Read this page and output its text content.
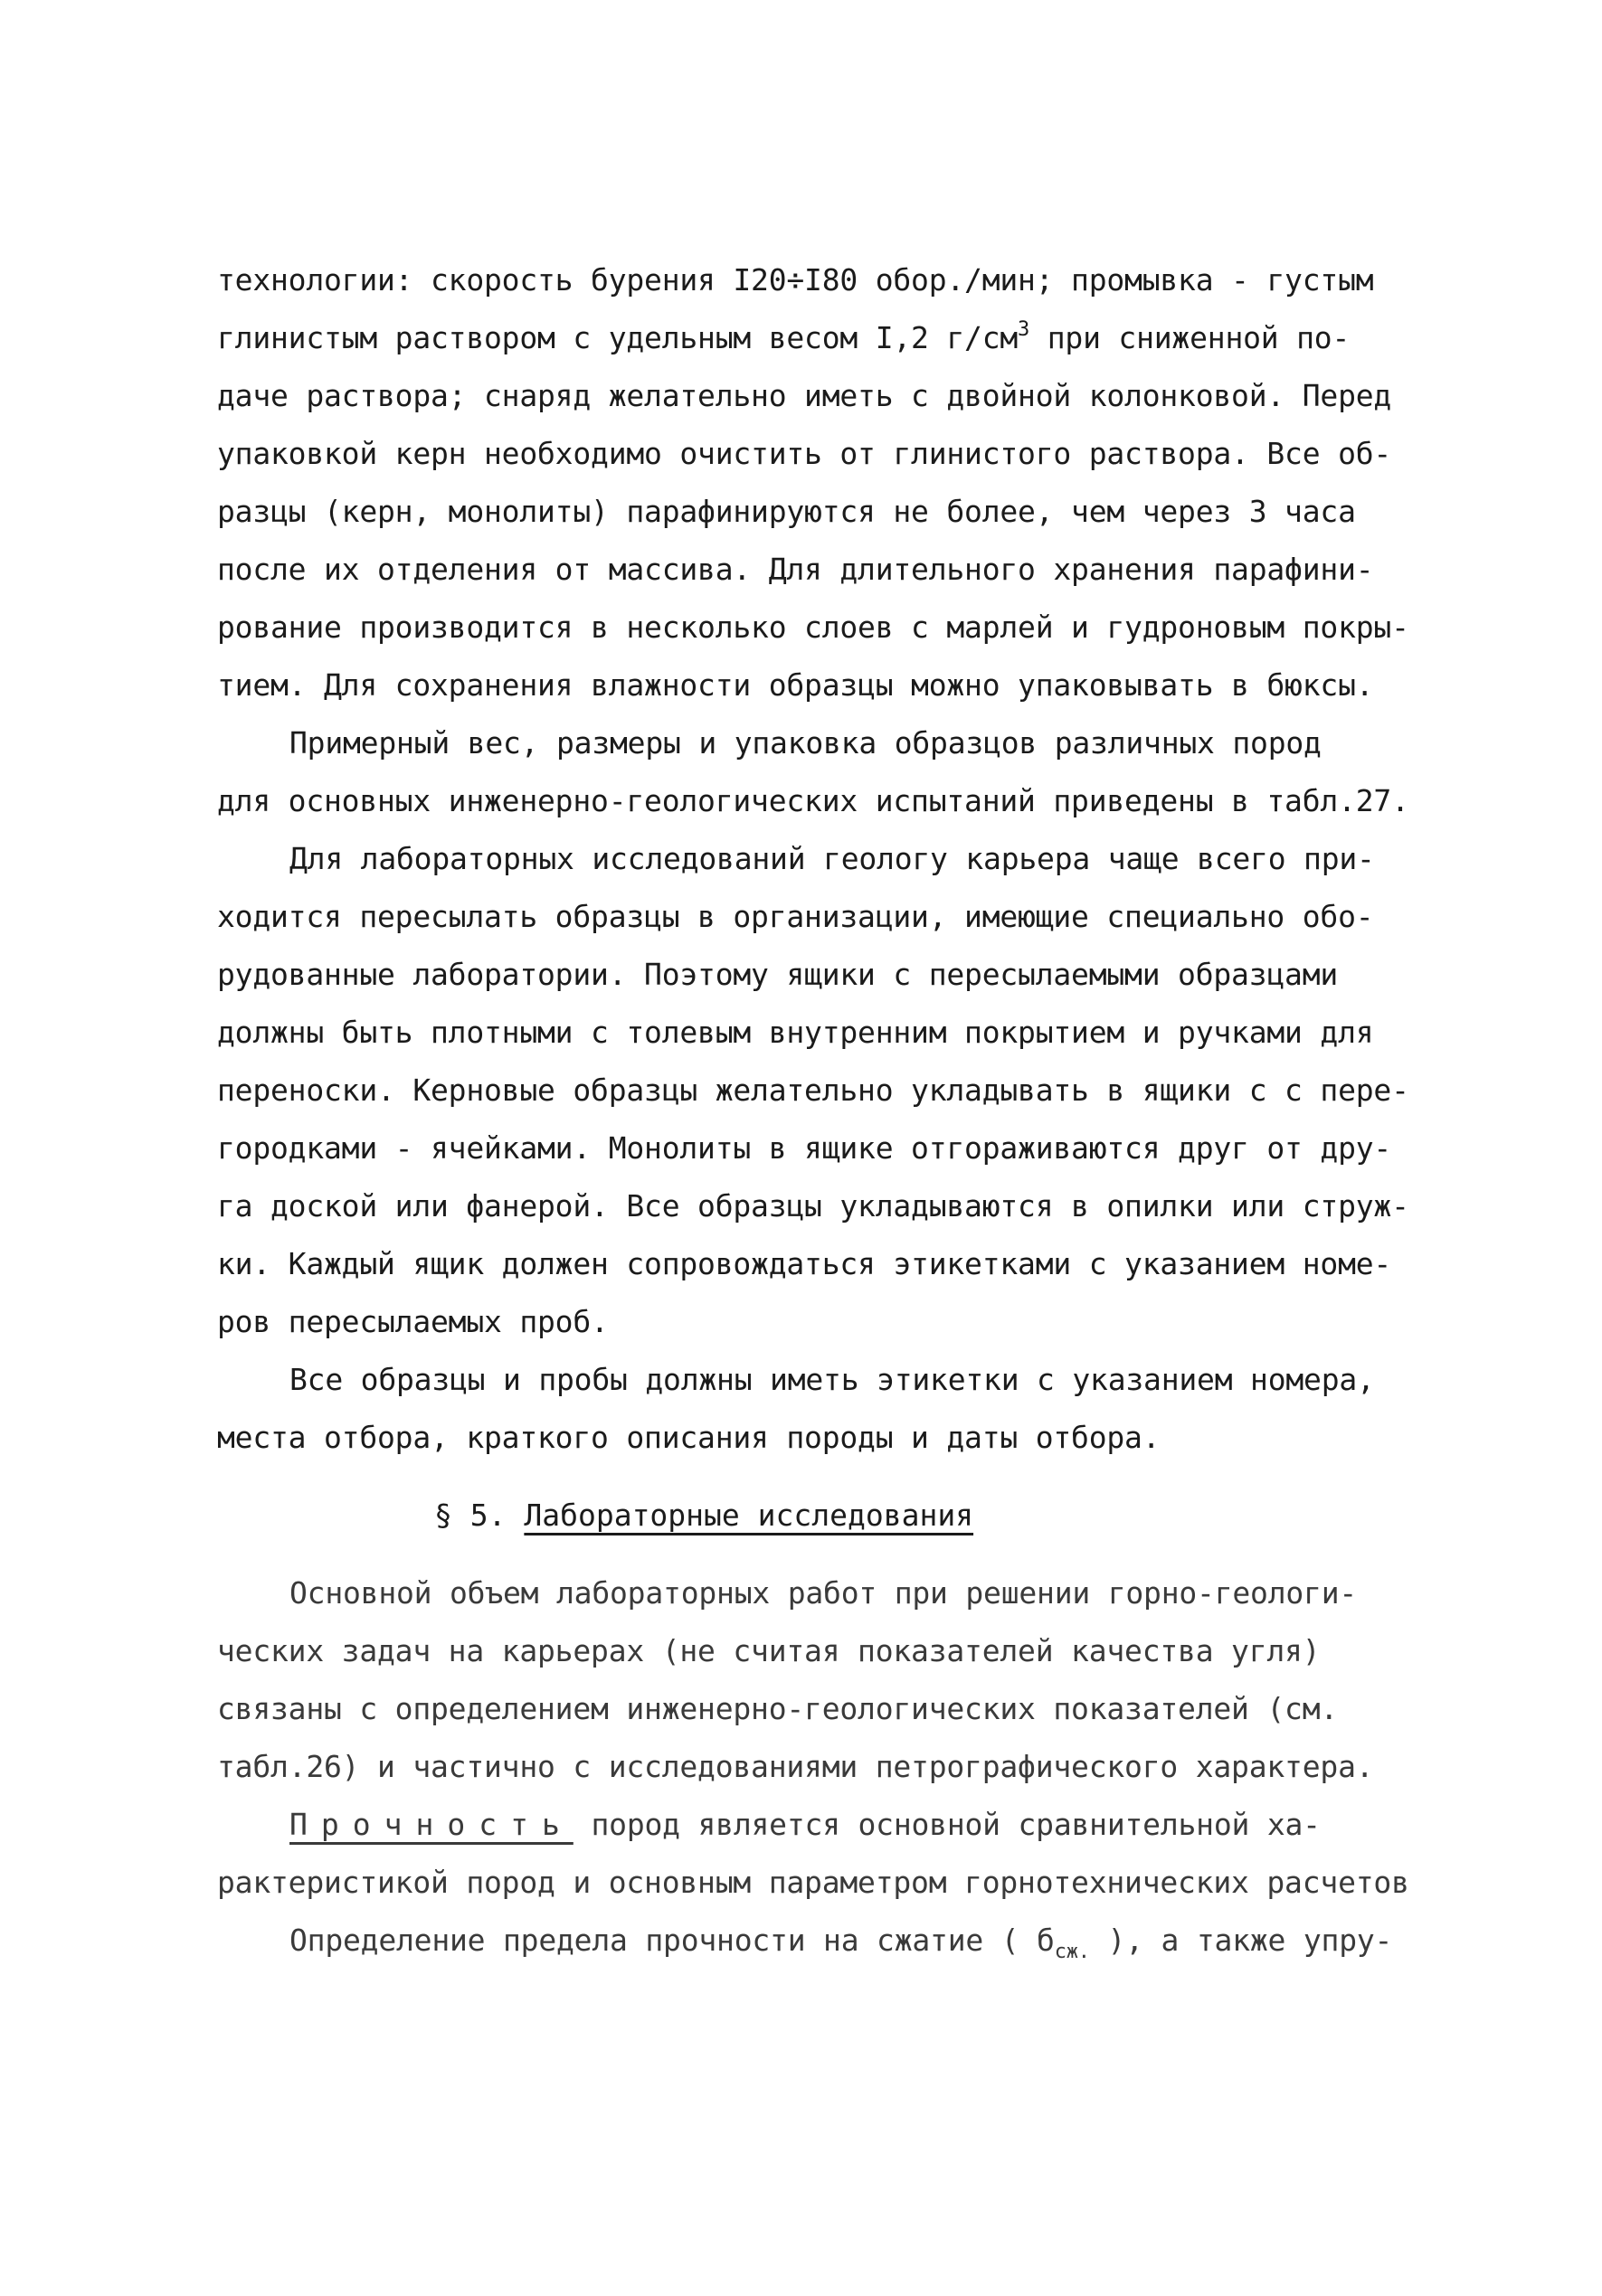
технологии: скорость бурения I20÷I80 обор./мин; промывка - густым
глинистым раствором с удельным весом I,2 $г/см^3$ при сниженной по-
даче раствора; снаряд желательно иметь с двойной колонковой. Перед
упаковкой керн необходимо очистить от глинистого раствора. Все об-
разцы (керн, монолиты) парафинируются не более, чем через 3 часа
после их отделения от массива. Для длительного хранения парафини-
рование производится в несколько слоев с марлей и гудроновым покры-
тием. Для сохранения влажности образцы можно упаковывать в бюксы.
Примерный вес, размеры и упаковка образцов различных пород
для основных инженерно-геологических испытаний приведены в табл.27.
Для лабораторных исследований геологу карьера чаще всего при-
ходится пересылать образцы в организации, имеющие специально обо-
рудованные лаборатории. Поэтому ящики с пересылаемыми образцами
должны быть плотными с толевым внутренним покрытием и ручками для
переноски. Керновые образцы желательно укладывать в ящики с с пере-
городками - ячейками. Монолиты в ящике отгораживаются друг от дру-
га доской или фанерой. Все образцы укладываются в опилки или струж-
ки. Каждый ящик должен сопровождаться этикетками с указанием номе-
ров пересылаемых проб.
Все образцы и пробы должны иметь этикетки с указанием номера,
места отбора, краткого описания породы и даты отбора.
§ 5. Лабораторные исследования
Основной объем лабораторных работ при решении горно-геологи-
ческих задач на карьерах (не считая показателей качества угля)
связаны с определением инженерно-геологических показателей (см.
табл.26) и частично с исследованиями петрографического характера.
Прочность пород является основной сравнительной ха-
рактеристикой пород и основным параметром горнотехнических расчетов
Определение предела прочности на сжатие ( $б_{сж.}$ ), а также упру-
